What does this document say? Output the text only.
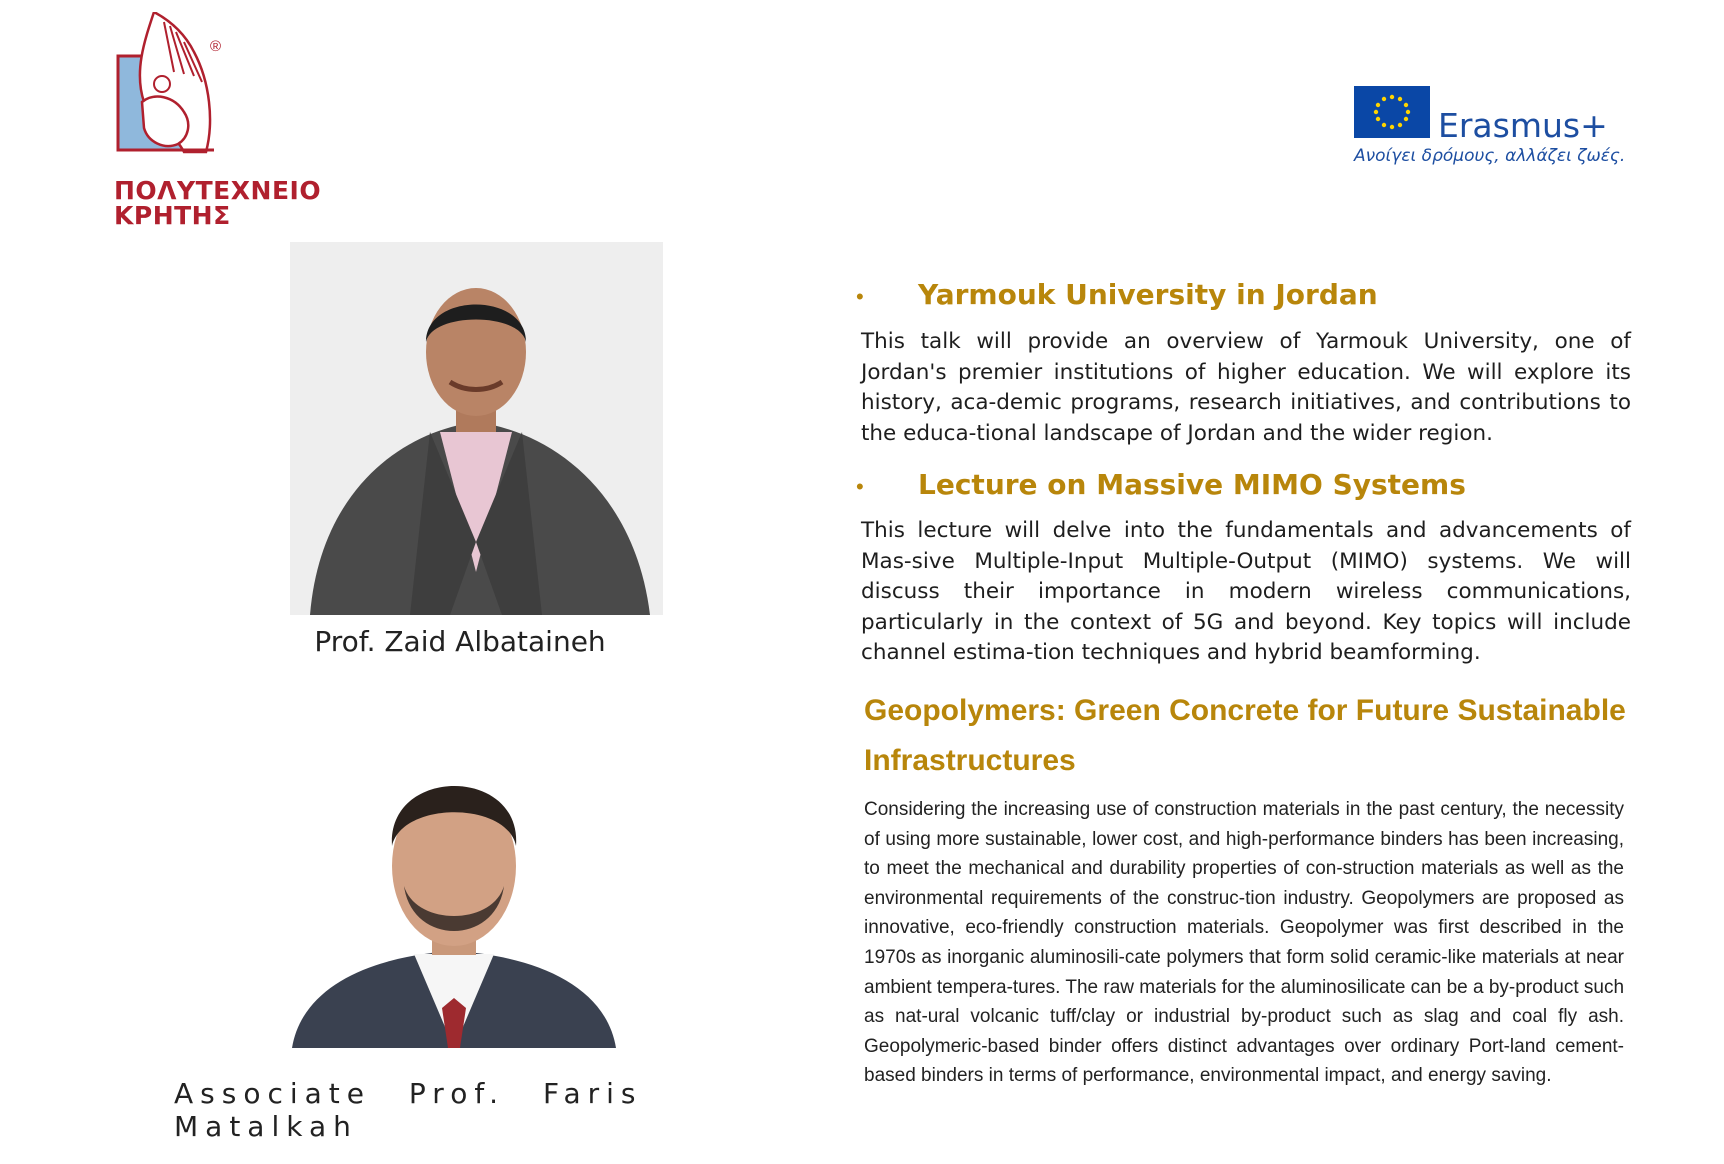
®
ΠΟΛΥΤΕΧΝΕΙΟ
ΚΡΗΤΗΣ
Erasmus+
Ανοίγει δρόμους, αλλάζει ζωές.
Prof. Zaid Albataineh
Associate Prof. Faris Matalkah
• Yarmouk University in Jordan
This talk will provide an overview of Yarmouk University, one of Jordan's premier institutions of higher education. We will explore its history, aca-demic programs, research initiatives, and contributions to the educa-tional landscape of Jordan and the wider region.
• Lecture on Massive MIMO Systems
This lecture will delve into the fundamentals and advancements of Mas-sive Multiple-Input Multiple-Output (MIMO) systems. We will discuss their importance in modern wireless communications, particularly in the context of 5G and beyond. Key topics will include channel estima-tion techniques and hybrid beamforming.
Geopolymers: Green Concrete for Future Sustainable Infrastructures
Considering the increasing use of construction materials in the past century, the necessity of using more sustainable, lower cost, and high-performance binders has been increasing, to meet the mechanical and durability properties of con-struction materials as well as the environmental requirements of the construc-tion industry. Geopolymers are proposed as innovative, eco-friendly construction materials. Geopolymer was first described in the 1970s as inorganic aluminosili-cate polymers that form solid ceramic-like materials at near ambient tempera-tures. The raw materials for the aluminosilicate can be a by-product such as nat-ural volcanic tuff/clay or industrial by-product such as slag and coal fly ash. Geopolymeric-based binder offers distinct advantages over ordinary Port-land cement-based binders in terms of performance, environmental impact, and energy saving.
